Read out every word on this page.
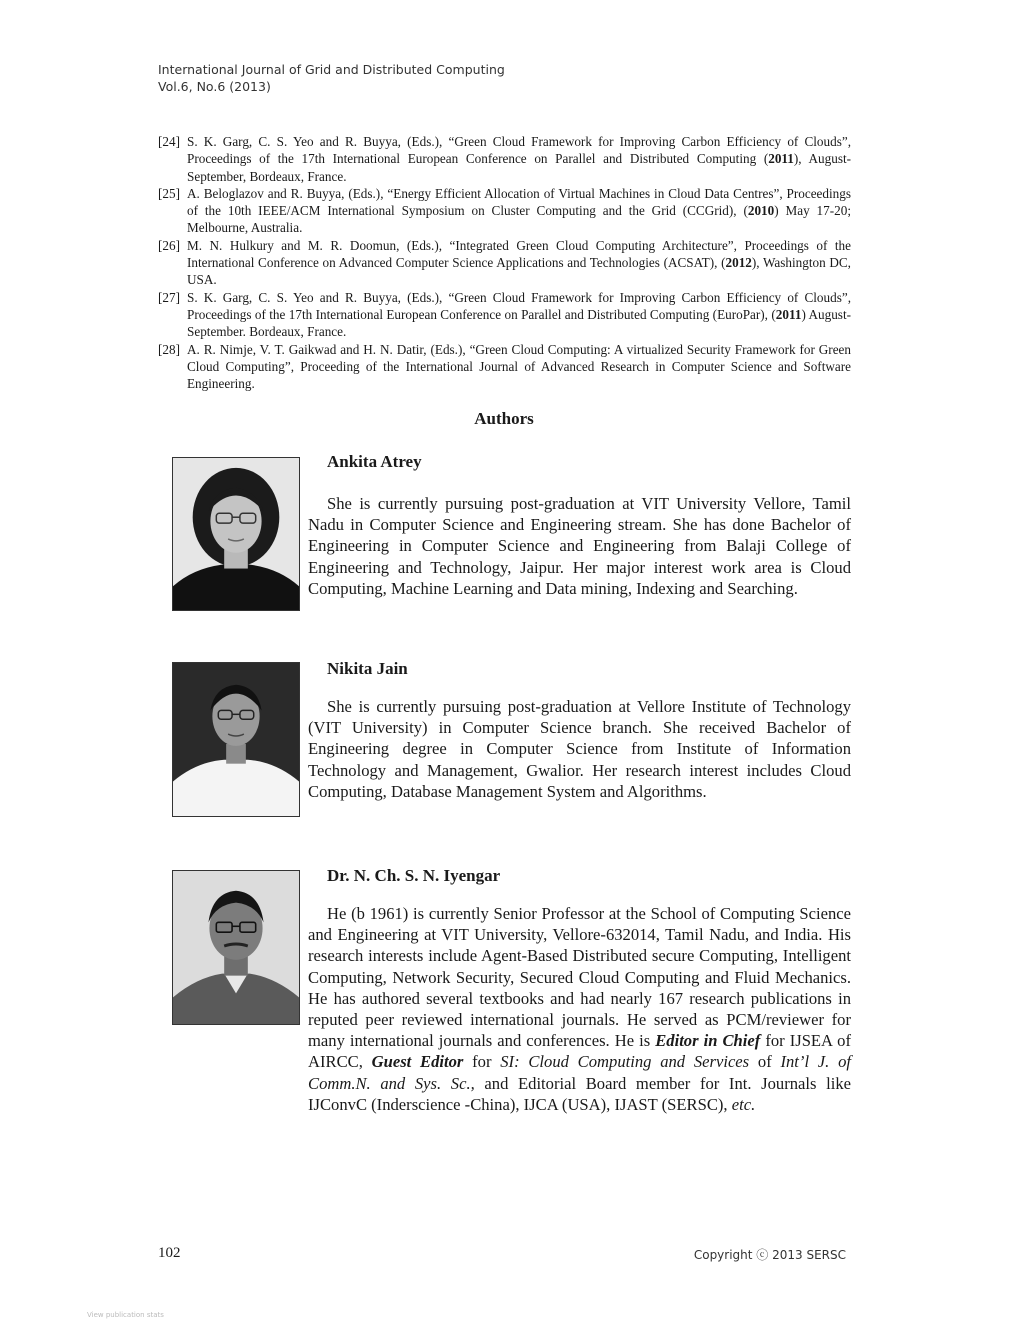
International Journal of Grid and Distributed Computing
Vol.6, No.6 (2013)
[24] S. K. Garg, C. S. Yeo and R. Buyya, (Eds.), “Green Cloud Framework for Improving Carbon Efficiency of Clouds”, Proceedings of the 17th International European Conference on Parallel and Distributed Computing (2011), August-September, Bordeaux, France.
[25] A. Beloglazov and R. Buyya, (Eds.), “Energy Efficient Allocation of Virtual Machines in Cloud Data Centres”, Proceedings of the 10th IEEE/ACM International Symposium on Cluster Computing and the Grid (CCGrid), (2010) May 17-20; Melbourne, Australia.
[26] M. N. Hulkury and M. R. Doomun, (Eds.), “Integrated Green Cloud Computing Architecture”, Proceedings of the International Conference on Advanced Computer Science Applications and Technologies (ACSAT), (2012), Washington DC, USA.
[27] S. K. Garg, C. S. Yeo and R. Buyya, (Eds.), “Green Cloud Framework for Improving Carbon Efficiency of Clouds”, Proceedings of the 17th International European Conference on Parallel and Distributed Computing (EuroPar), (2011) August-September. Bordeaux, France.
[28] A. R. Nimje, V. T. Gaikwad and H. N. Datir, (Eds.), “Green Cloud Computing: A virtualized Security Framework for Green Cloud Computing”, Proceeding of the International Journal of Advanced Research in Computer Science and Software Engineering.
Authors
Ankita Atrey
She is currently pursuing post-graduation at VIT University Vellore, Tamil Nadu in Computer Science and Engineering stream. She has done Bachelor of Engineering in Computer Science and Engineering from Balaji College of Engineering and Technology, Jaipur. Her major interest work area is Cloud Computing, Machine Learning and Data mining, Indexing and Searching.
Nikita Jain
She is currently pursuing post-graduation at Vellore Institute of Technology (VIT University) in Computer Science branch. She received Bachelor of Engineering degree in Computer Science from Institute of Information Technology and Management, Gwalior. Her research interest includes Cloud Computing, Database Management System and Algorithms.
Dr. N. Ch. S. N. Iyengar
He (b 1961) is currently Senior Professor at the School of Computing Science and Engineering at VIT University, Vellore-632014, Tamil Nadu, and India. His research interests include Agent-Based Distributed secure Computing, Intelligent Computing, Network Security, Secured Cloud Computing and Fluid Mechanics. He has authored several textbooks and had nearly 167 research publications in reputed peer reviewed international journals. He served as PCM/reviewer for many international journals and conferences. He is Editor in Chief for IJSEA of AIRCC, Guest Editor for SI: Cloud Computing and Services of Int’l J. of Comm.N. and Sys. Sc., and Editorial Board member for Int. Journals like IJConvC (Inderscience -China), IJCA (USA), IJAST (SERSC), etc.
102	Copyright ⓒ 2013 SERSC
View publication stats
